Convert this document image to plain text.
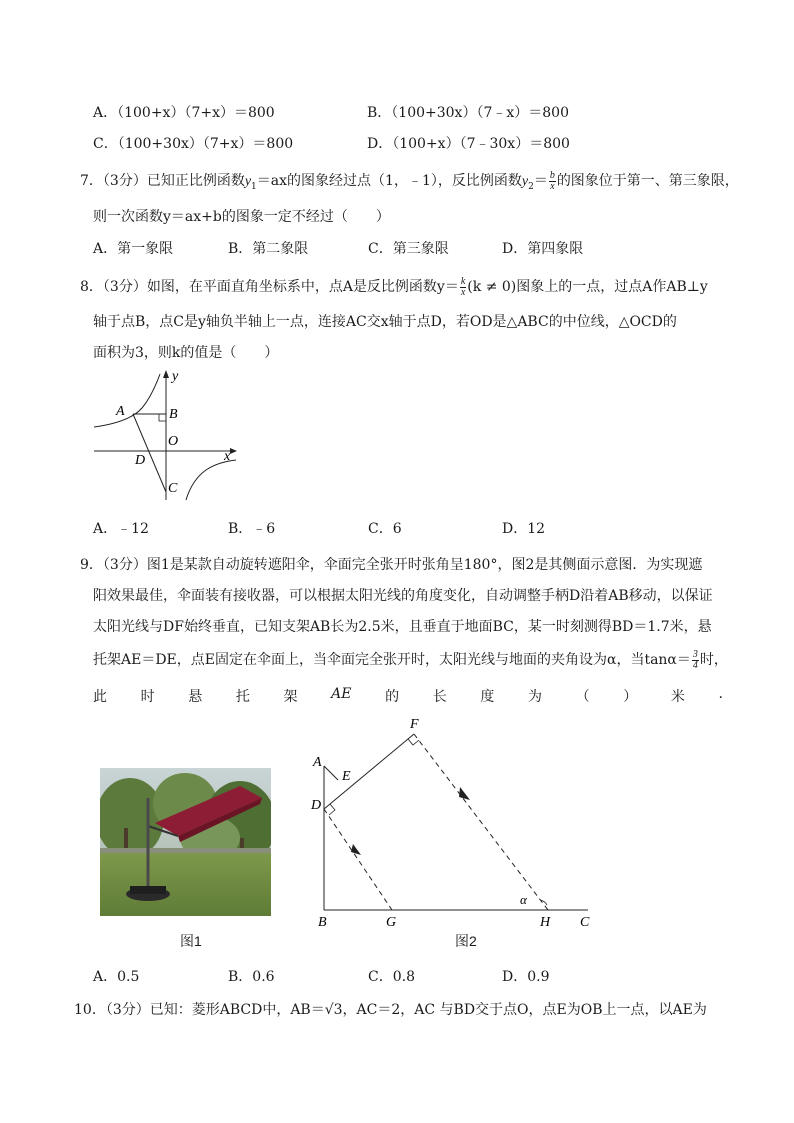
A．（100+x）（7+x）＝800	B．（100+30x）（7﹣x）＝800
C．（100+30x）（7+x）＝800	D．（100+x）（7﹣30x）＝800
7．（3分）已知正比例函数$y_1=ax$的图象经过点（1，﹣1），反比例函数$y_2= \frac{b}{x}$ 的图象位于第一、第三象限，
则一次函数y＝ax+b的图象一定不经过（　　）
A．第一象限	B．第二象限	C．第三象限	D．第四象限
8．（3分）如图，在平面直角坐标系中，点A是反比例函数$y= \frac{k}{x} (k \ne 0)$图象上的一点，过点A作AB⊥y
轴于点B，点C是y轴负半轴上一点，连接AC交x轴于点D，若OD是△ABC的中位线，△OCD的
面积为3，则k的值是（　　）
y
x
A	B
O
D
C
A．﹣12	B．﹣6	C．6	D．12
9．（3分）图1是某款自动旋转遮阳伞，伞面完全张开时张角呈180°，图2是其侧面示意图．为实现遮
阳效果最佳，伞面装有接收器，可以根据太阳光线的角度变化，自动调整手柄D沿着AB移动，以保证
太阳光线与DF始终垂直，已知支架AB长为2.5米，且垂直于地面BC，某一时刻测得BD＝1.7米，悬
托架AE＝DE，点E固定在伞面上，当伞面完全张开时，太阳光线与地面的夹角设为α，当$\tan\alpha= \frac{3}{4}$ 时，
此 时 悬 托 架 AE 的 长 度 为 （ ） 米 .
图1
A
E
D
F
B	G	H C
α
图2
A．0.5	B．0.6	C．0.8	D．0.9
10．（3分）已知：菱形ABCD中，AB＝√3，AC＝2，AC 与BD交于点O，点E为OB上一点，以AE为
